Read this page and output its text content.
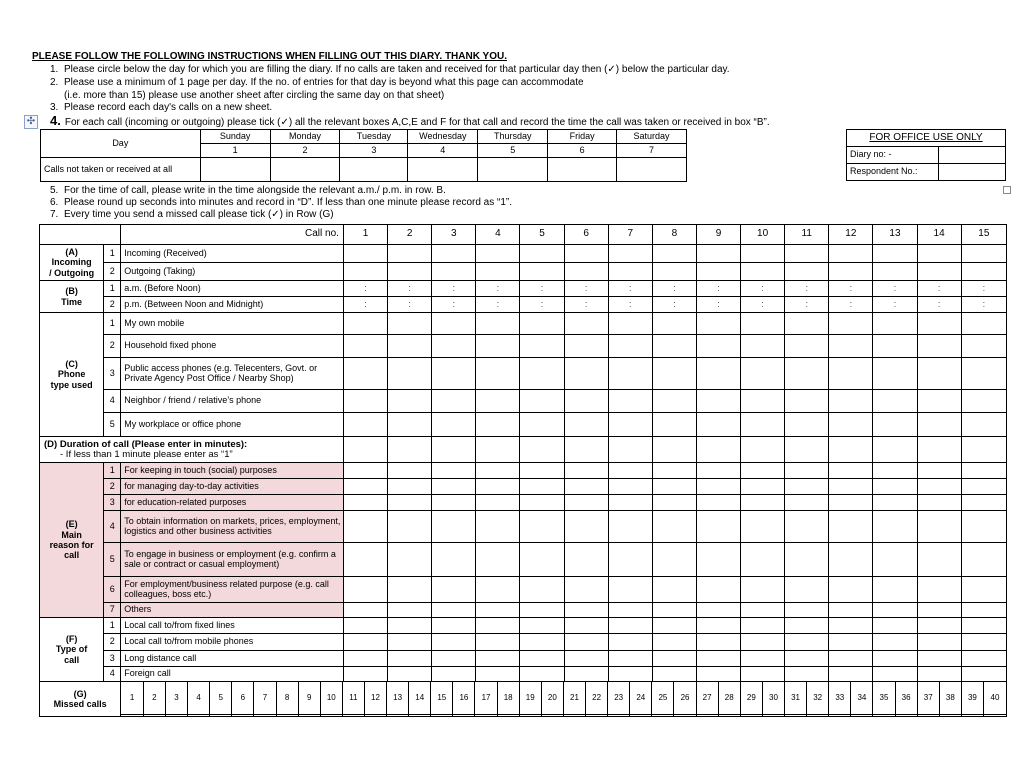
PLEASE FOLLOW THE FOLLOWING INSTRUCTIONS WHEN FILLING OUT THIS DIARY. THANK YOU.
1. Please circle below the day for which you are filling the diary. If no calls are taken and received for that particular day then (✓) below the particular day.
2. Please use a minimum of 1 page per day. If the no. of entries for that day is beyond what this page can accommodate
(i.e. more than 15) please use another sheet after circling the same day on that sheet)
3. Please record each day's calls on a new sheet.
4. For each call (incoming or outgoing) please tick (✓) all the relevant boxes A,C,E and F for that call and record the time the call was taken or received in box “B”.
✣
Day	Sunday	Monday	Tuesday	Wednesday	Thursday	Friday	Saturday
	1	2	3	4	5	6	7
Calls not taken or received at all							
FOR OFFICE USE ONLY	
Diary no: -	
Respondent No.:	
5. For the time of call, please write in the time alongside the relevant a.m./ p.m. in row. B.
6. Please round up seconds into minutes and record in “D”. If less than one minute please record as “1”.
7. Every time you send a missed call please tick (✓) in Row (G)
	Call no.	1	2	3	4	5	6	7	8	9	10	11	12	13	14	15
(A)
Incoming
/ Outgoing	1	Incoming (Received)															
2	Outgoing (Taking)															
(B)
Time	1	a.m. (Before Noon)	:	:	:	:	:	:	:	:	:	:	:	:	:	:	:
2	p.m. (Between Noon and Midnight)	:	:	:	:	:	:	:	:	:	:	:	:	:	:	:
(C)
Phone
type used	1	My own mobile															
2	Household fixed phone															
3	Public access phones (e.g. Telecenters, Govt. or Private Agency Post Office / Nearby Shop)															
4	Neighbor / friend / relative’s phone															
5	My workplace or office phone															

(D) Duration of call (Please enter in minutes):
- If less than 1 minute please enter as “1”

(E)
Main
reason for
call	1	For keeping in touch (social) purposes															
2	for managing day-to-day activities															
3	for education-related purposes															
4	To obtain information on markets, prices, employment, logistics and other business activities															
5	To engage in business or employment (e.g. confirm a sale or contract or casual employment)															
6	For employment/business related purpose (e.g. call colleagues, boss etc.)															
7	Others															
(F)
Type of
call	1	Local call to/from fixed lines															
2	Local call to/from mobile phones															
3	Long distance call															
4	Foreign call															
(G)
Missed calls	
1	2	3	4	5	6	7	8	9	10	11	12	13	14	15	16	17	18	19	20	21	22	23	24	25	26	27	28	29	30	31	32	33	34	35	36	37	38	39	40
